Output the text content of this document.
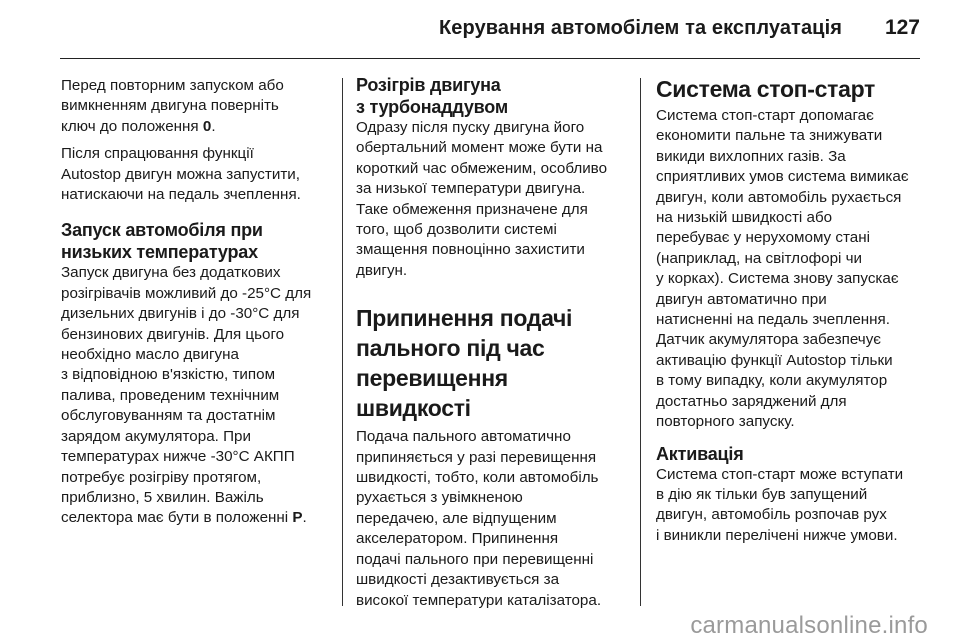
Керування автомобілем та експлуатація 127

Перед повторним запуском або
вимкненням двигуна поверніть
ключ до положення 0.

Після спрацювання функції
Autostop двигун можна запустити,
натискаючи на педаль зчеплення.

Запуск автомобіля при
низьких температурах

Запуск двигуна без додаткових
розігрівачів можливий до -25°C для
дизельних двигунів і до -30°C для
бензинових двигунів. Для цього
необхідно масло двигуна
з відповідною в'язкістю, типом
палива, проведеним технічним
обслуговуванням та достатнім
зарядом акумулятора. При
температурах нижче -30°C АКПП
потребує розігріву протягом,
приблизно, 5 хвилин. Важіль
селектора має бути в положенні P.

Розігрів двигуна
з турбонаддувом

Одразу після пуску двигуна його
обертальний момент може бути на
короткий час обмеженим, особливо
за низької температури двигуна.
Таке обмеження призначене для
того, щоб дозволити системі
змащення повноцінно захистити
двигун.

Припинення подачі
пального під час
перевищення швидкості

Подача пального автоматично
припиняється у разі перевищення
швидкості, тобто, коли автомобіль
рухається з увімкненою
передачею, але відпущеним
акселератором. Припинення
подачі пального при перевищенні
швидкості дезактивується за
високої температури каталізатора.

Система стоп-старт

Система стоп-старт допомагає
економити пальне та знижувати
викиди вихлопних газів. За
сприятливих умов система вимикає
двигун, коли автомобіль рухається
на низькій швидкості або
перебуває у нерухомому стані
(наприклад, на світлофорі чи
у корках). Система знову запускає
двигун автоматично при
натисненні на педаль зчеплення.
Датчик акумулятора забезпечує
активацію функції Autostop тільки
в тому випадку, коли акумулятор
достатньо заряджений для
повторного запуску.

Активація

Система стоп-старт може вступати
в дію як тільки був запущений
двигун, автомобіль розпочав рух
і виникли перелічені нижче умови.

carmanualsonline.info
